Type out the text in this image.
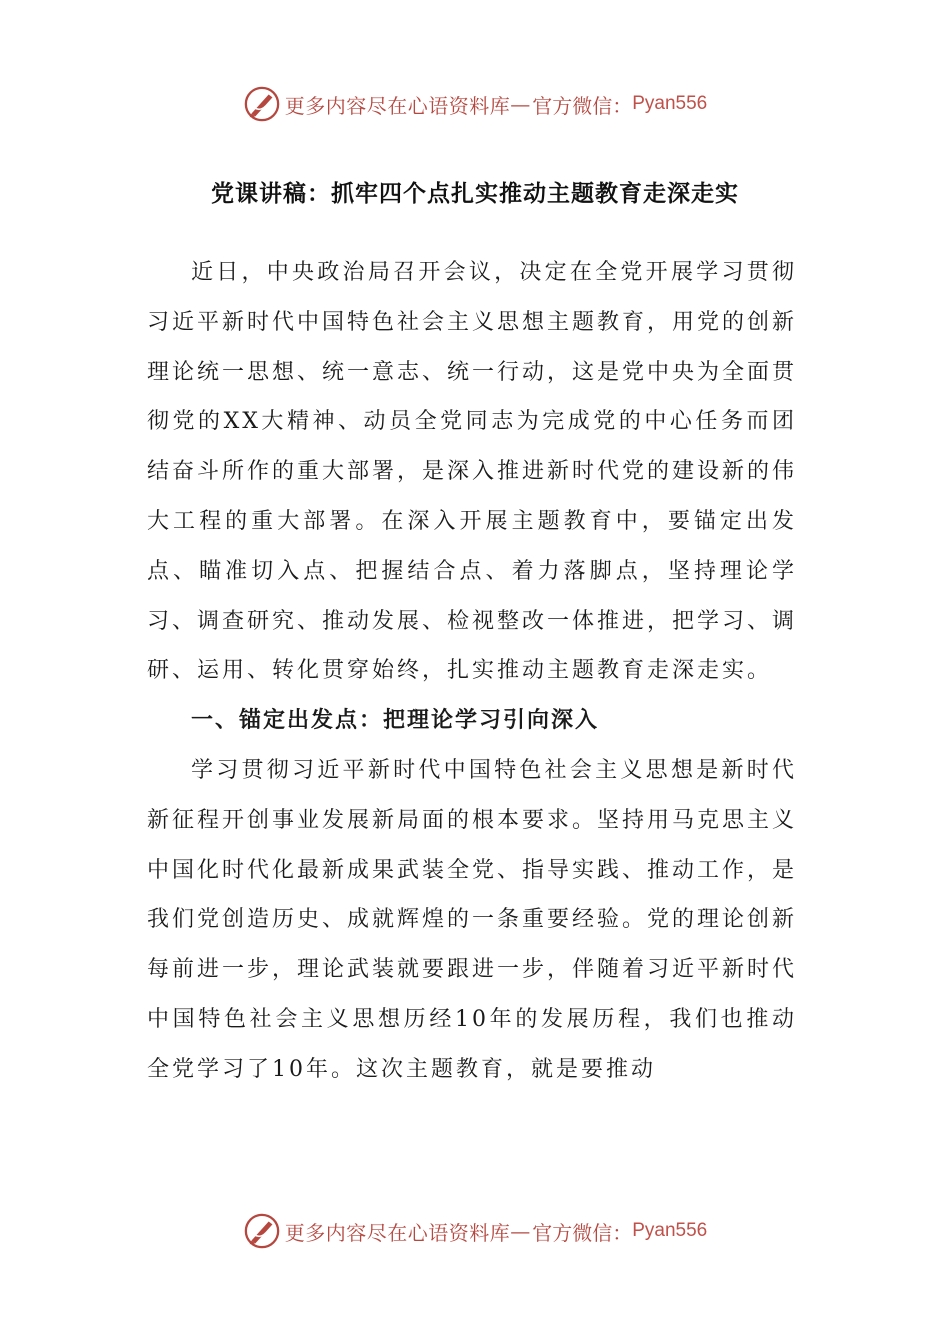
更多内容尽在心语资料库 — 官方微信： Pyan556
党课讲稿：抓牢四个点扎实推动主题教育走深走实

近日，中央政治局召开会议，决定在全党开展学习贯彻习近平新时代中国特色社会主义思想主题教育，用党的创新理论统一思想、统一意志、统一行动，这是党中央为全面贯彻党的XX大精神、动员全党同志为完成党的中心任务而团结奋斗所作的重大部署，是深入推进新时代党的建设新的伟大工程的重大部署。在深入开展主题教育中，要锚定出发点、瞄准切入点、把握结合点、着力落脚点，坚持理论学习、调查研究、推动发展、检视整改一体推进，把学习、调研、运用、转化贯穿始终，扎实推动主题教育走深走实。

一、锚定出发点：把理论学习引向深入

学习贯彻习近平新时代中国特色社会主义思想是新时代新征程开创事业发展新局面的根本要求。坚持用马克思主义中国化时代化最新成果武装全党、指导实践、推动工作，是我们党创造历史、成就辉煌的一条重要经验。党的理论创新每前进一步，理论武装就要跟进一步，伴随着习近平新时代中国特色社会主义思想历经10年的发展历程，我们也推动全党学习了10年。这次主题教育，就是要推动

更多内容尽在心语资料库 — 官方微信： Pyan556
